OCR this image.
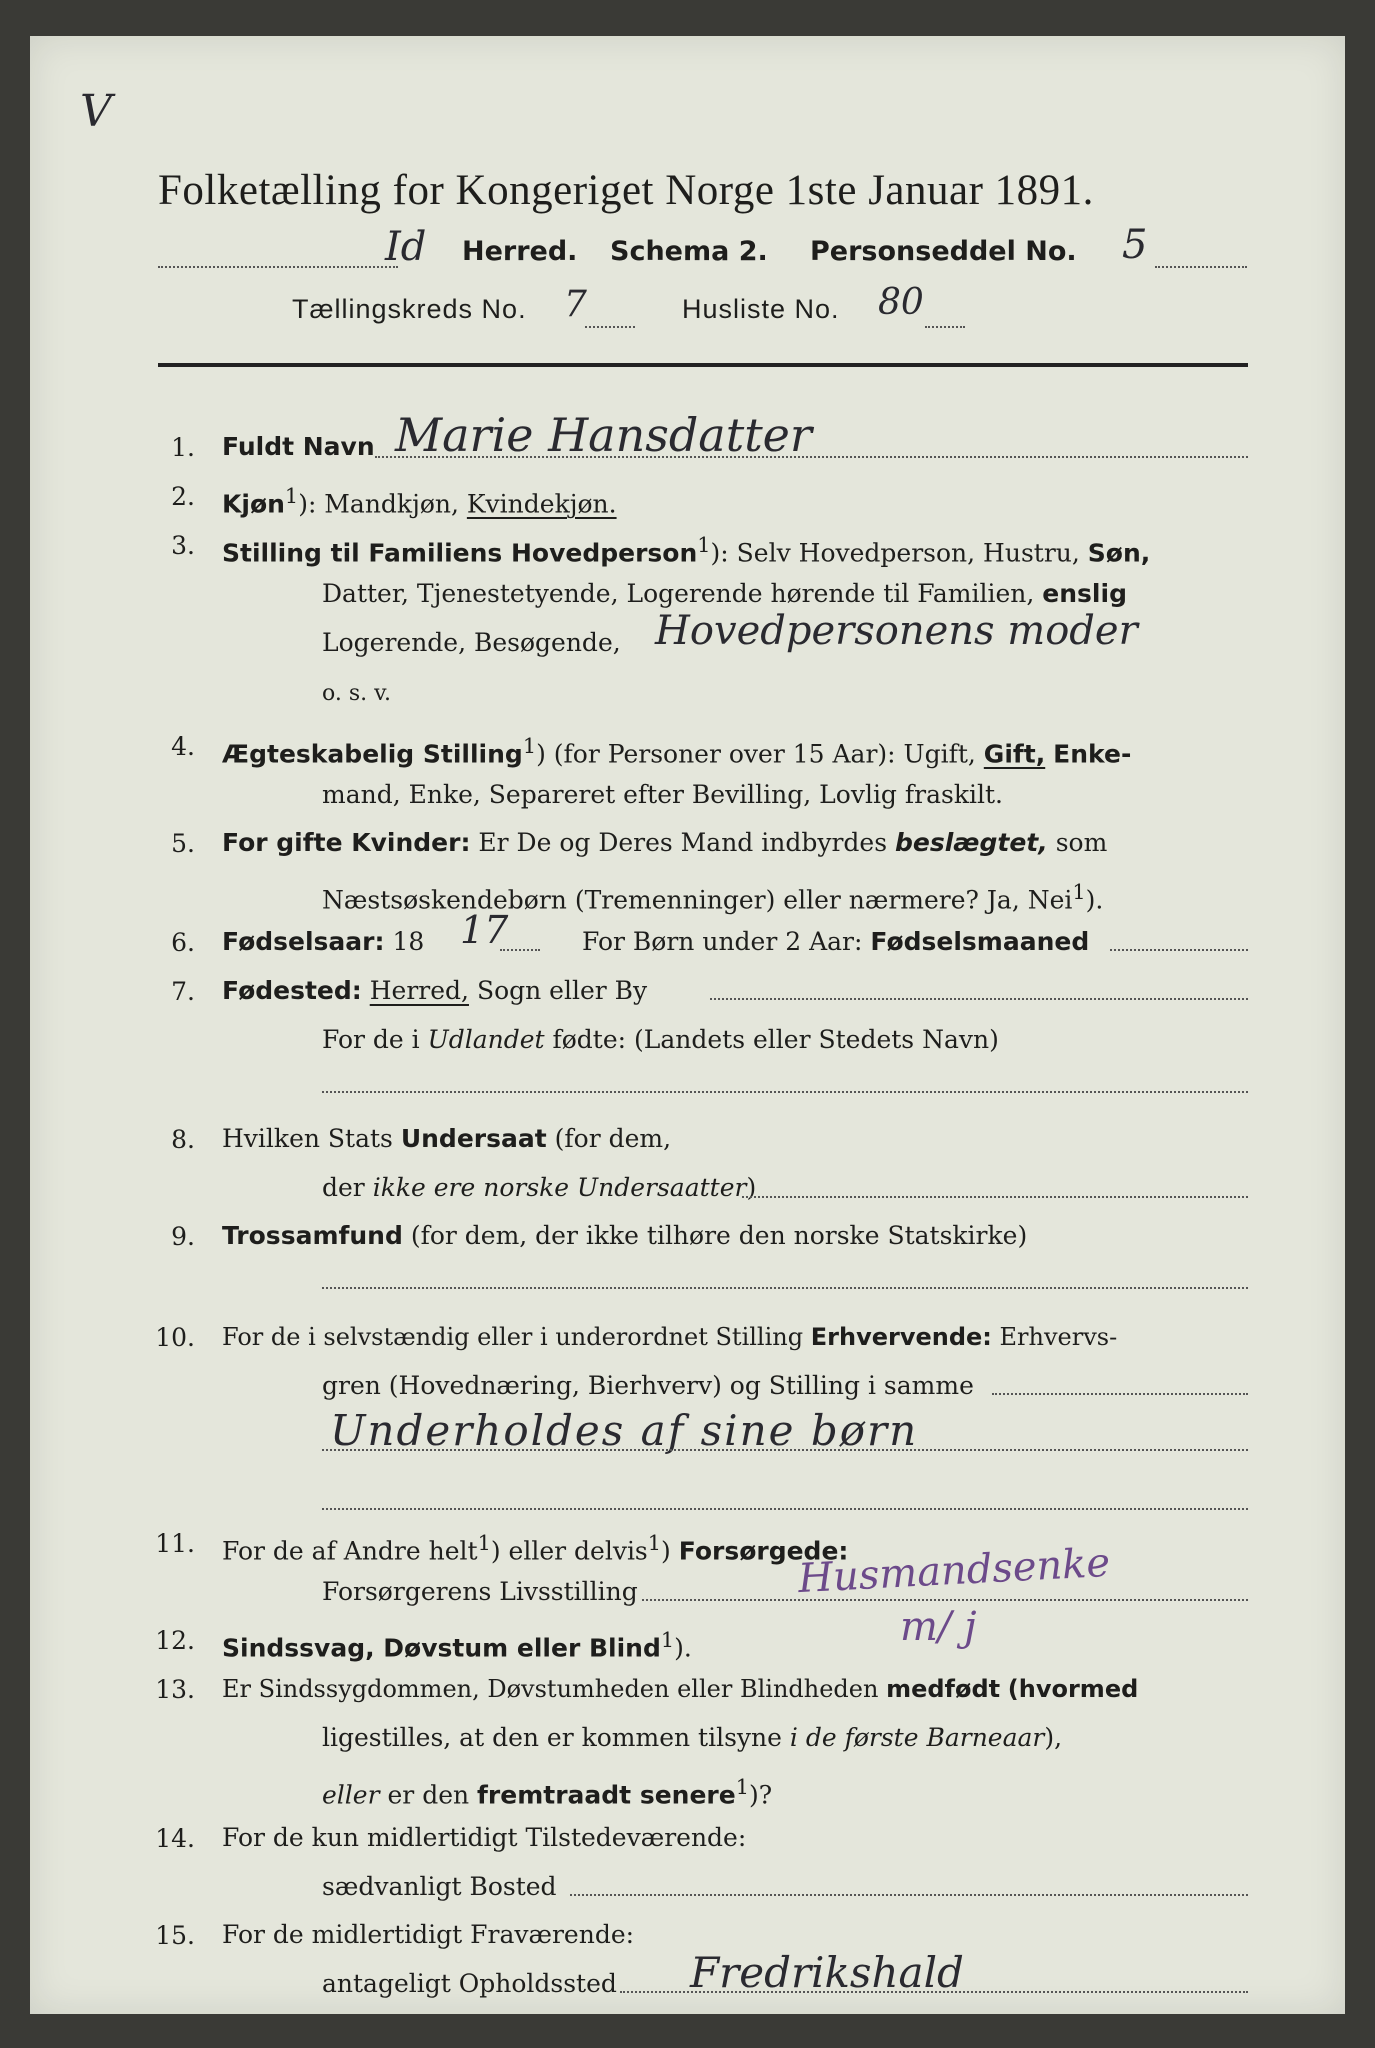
V
Folketælling for Kongeriget Norge 1ste Januar 1891.
Id Herred. Schema 2. Personseddel No. 5
Tællingskreds No. 7	Husliste No. 80
1. Fuldt Navn Marie Hansdatter
2. Kjøn$^1$): Mandkjøn, Kvindekjøn.
3. Stilling til Familiens Hovedperson$^1$): Selv Hovedperson, Hustru, Søn,
Datter, Tjenestetyende, Logerende hørende til Familien, enslig
Logerende, Besøgende, Hovedpersonens moder
o. s. v.
4. Ægteskabelig Stilling$^1$) (for Personer over 15 Aar): Ugift, Gift, Enke-
mand, Enke, Separeret efter Bevilling, Lovlig fraskilt.
5. For gifte Kvinder: Er De og Deres Mand indbyrdes beslægtet, som
Næstsøskendebørn (Tremenninger) eller nærmere? Ja, Nei$^1$).
6. Fødselsaar: 18 17	For Børn under 2 Aar: Fødselsmaaned
7. Fødested: Herred, Sogn eller By
For de i Udlandet fødte: (Landets eller Stedets Navn)
8. Hvilken Stats Undersaat (for dem,
der ikke ere norske Undersaatter)
9. Trossamfund (for dem, der ikke tilhøre den norske Statskirke)
10. For de i selvstændig eller i underordnet Stilling Erhvervende: Erhvervs-
gren (Hovednæring, Bierhverv) og Stilling i samme
Underholdes af sine børn
11. For de af Andre helt$^1$) eller delvis$^1$) Forsørgede:
Forsørgerens Livsstilling	Husmandsenke
12. Sindssvag, Døvstum eller Blind$^1$).	m/ j
13. Er Sindssygdommen, Døvstumheden eller Blindheden medfødt (hvormed
ligestilles, at den er kommen tilsyne i de første Barneaar),
eller er den fremtraadt senere$^1$)?
14. For de kun midlertidigt Tilstedeværende:
sædvanligt Bosted
15. For de midlertidigt Fraværende:
antageligt Opholdssted Fredrikshald
